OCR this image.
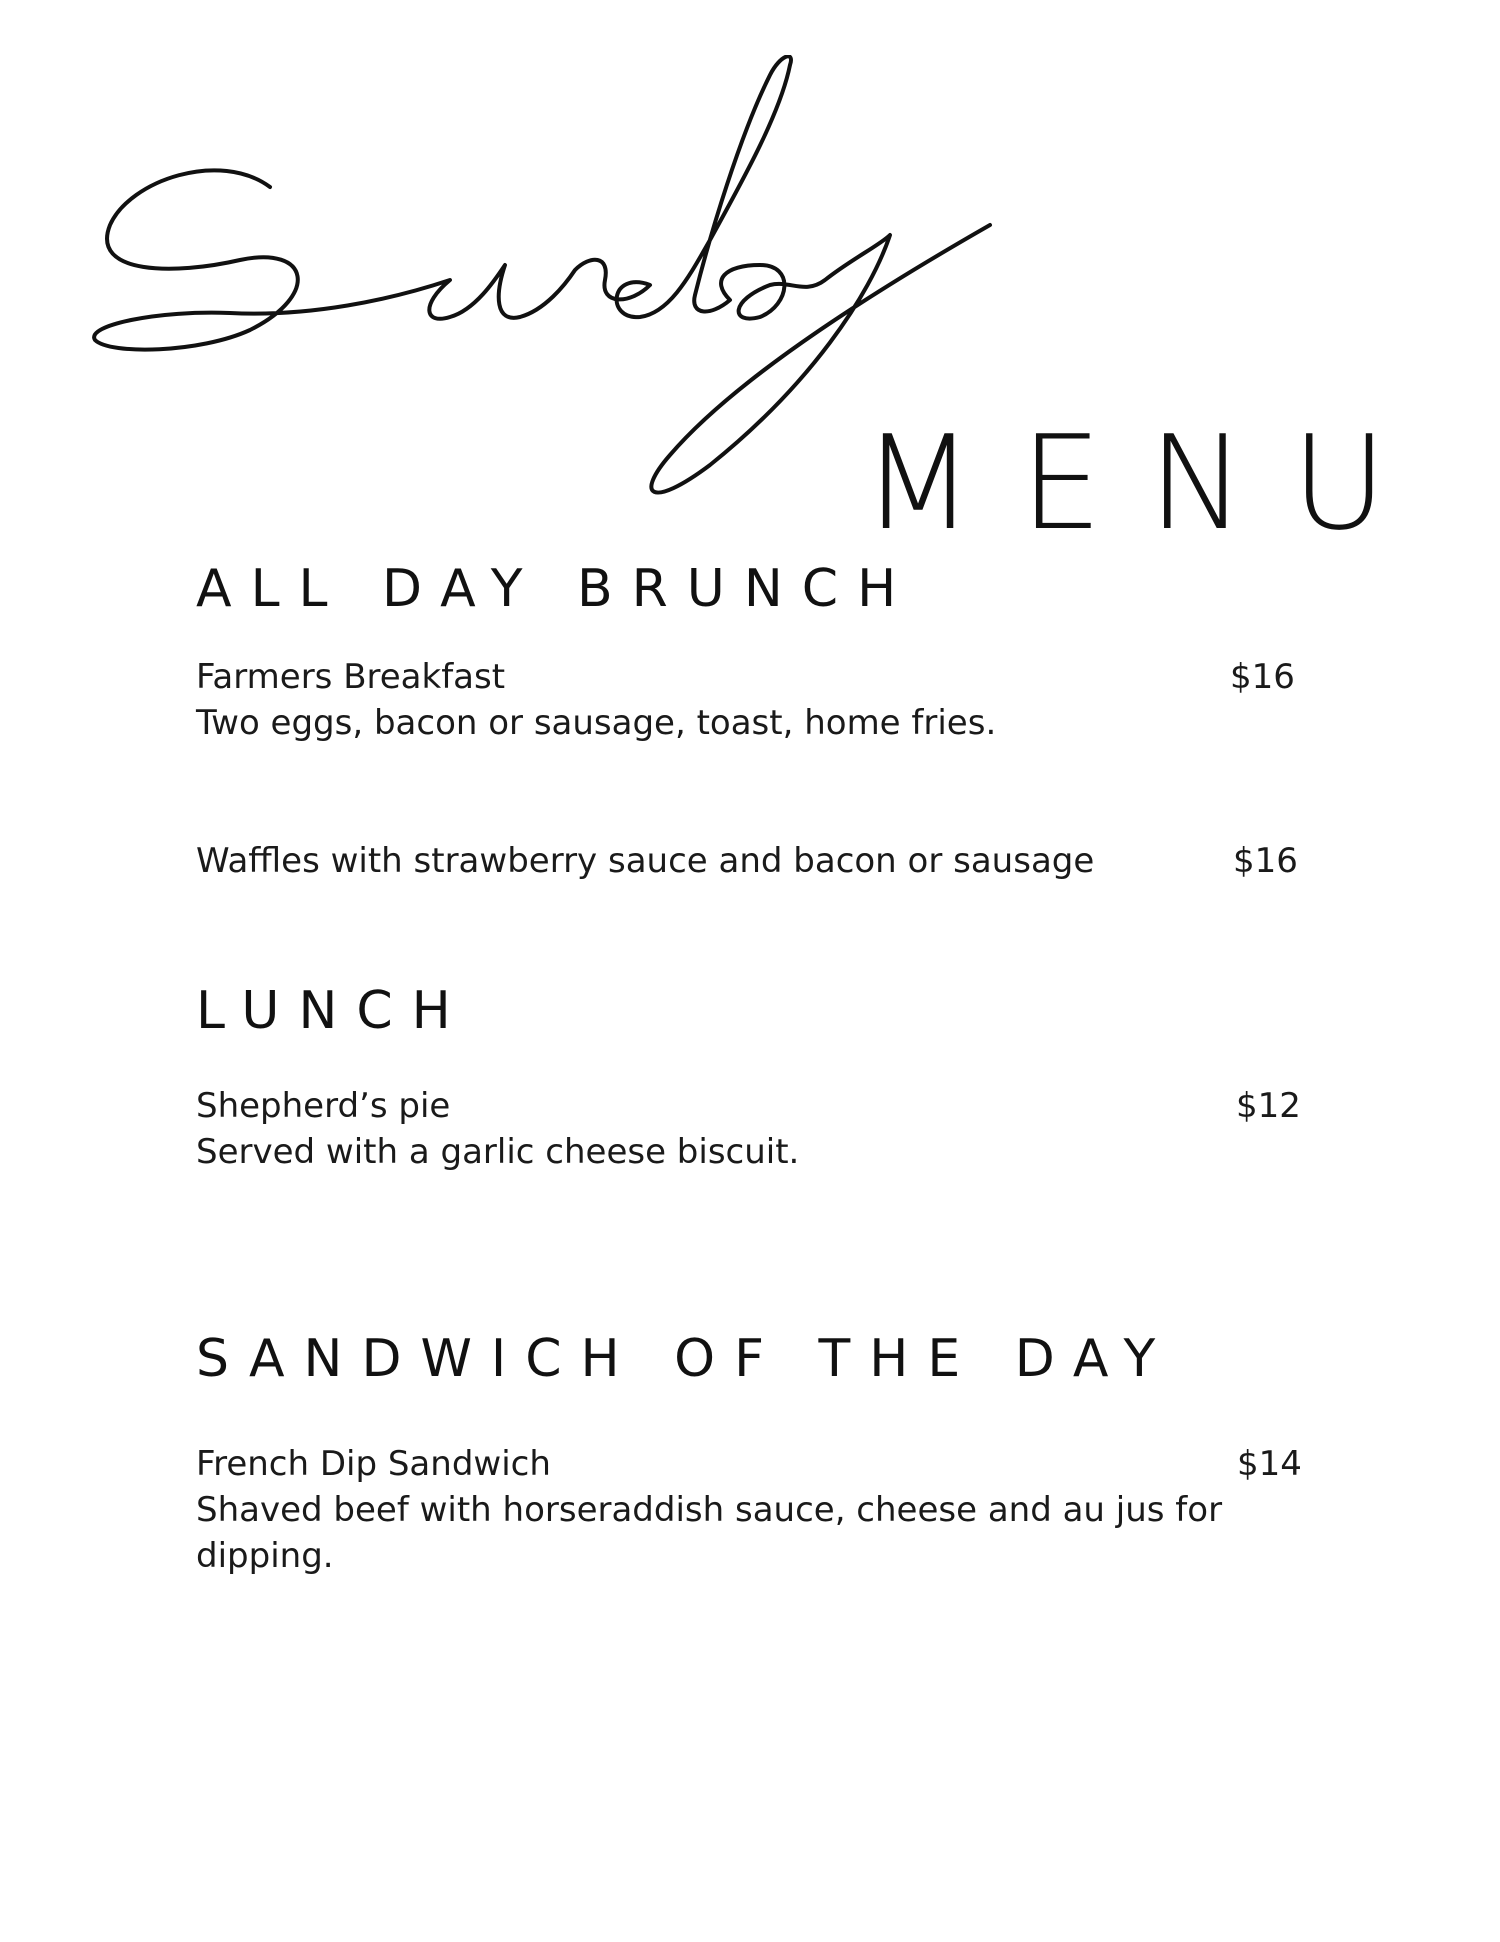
MENU
ALL DAY BRUNCH
Farmers Breakfast	$16
Two eggs, bacon or sausage, toast, home fries.
Waffles with strawberry sauce and bacon or sausage	$16
LUNCH
Shepherd’s pie	$12
Served with a garlic cheese biscuit.
SANDWICH OF THE DAY
French Dip Sandwich	$14
Shaved beef with horseraddish sauce, cheese and au jus for dipping.
